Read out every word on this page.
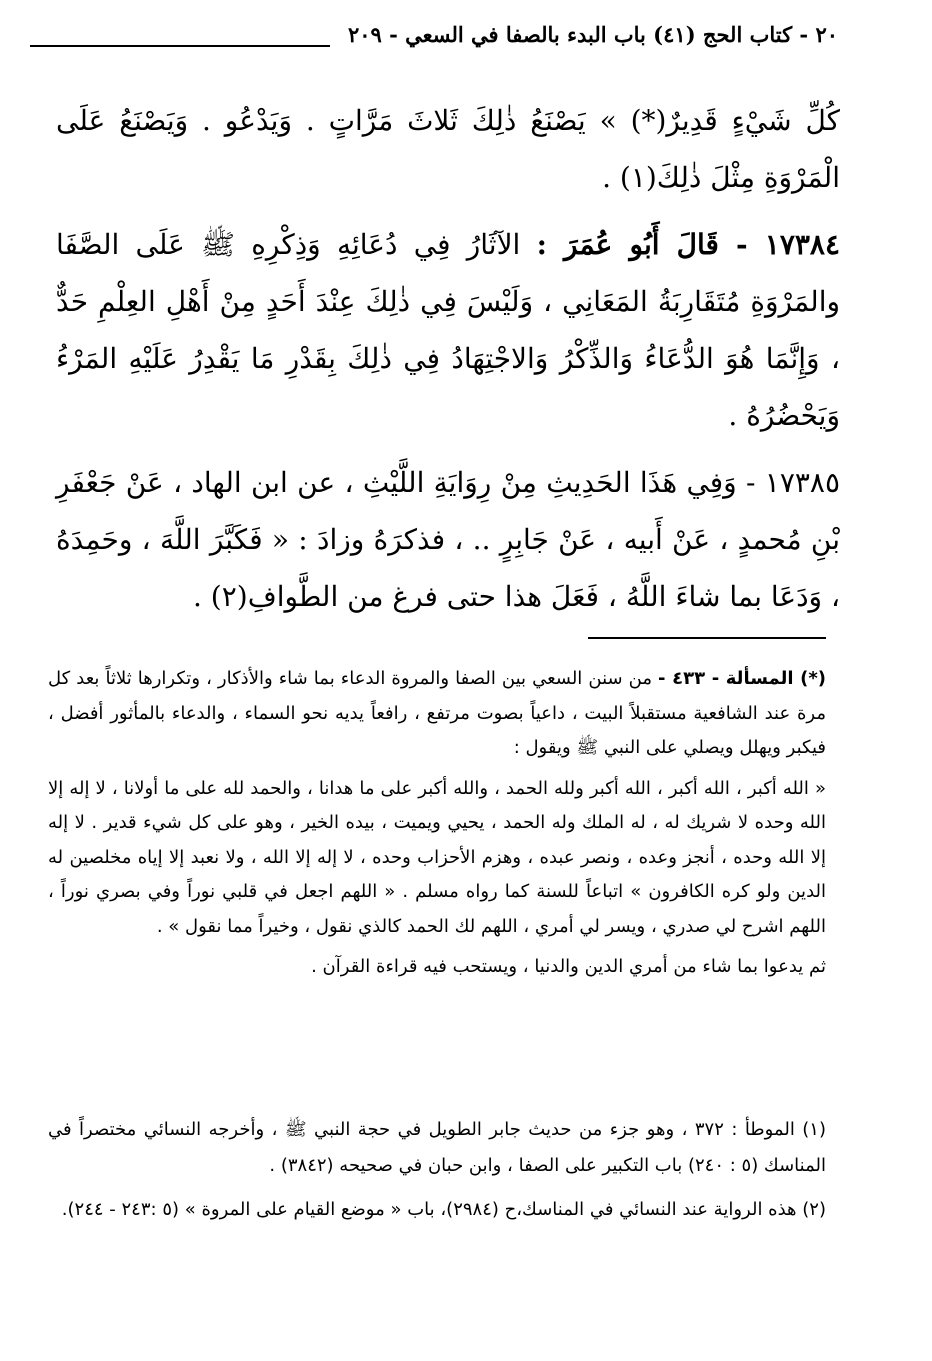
٢٠ - كتاب الحج (٤١) باب البدء بالصفا في السعي - ٢٠٩

كُلِّ شَيْءٍ قَدِيرٌ(*) » يَصْنَعُ ذٰلِكَ ثَلاثَ مَرَّاتٍ . وَيَدْعُو . وَيَصْنَعُ عَلَى الْمَرْوَةِ مِثْلَ ذٰلِكَ(١) .

١٧٣٨٤ - قَالَ أَبُو عُمَرَ : الآثَارُ فِي دُعَائِهِ وَذِكْرِهِ ﷺ عَلَى الصَّفَا والمَرْوَةِ مُتَقَارِبَةُ المَعَانِي ، وَلَيْسَ فِي ذٰلِكَ عِنْدَ أَحَدٍ مِنْ أَهْلِ العِلْمِ حَدٌّ ، وَإِنَّمَا هُوَ الدُّعَاءُ وَالذِّكْرُ وَالاجْتِهَادُ فِي ذٰلِكَ بِقَدْرِ مَا يَقْدِرُ عَلَيْهِ المَرْءُ وَيَحْضُرُهُ .

١٧٣٨٥ - وَفِي هَذَا الحَدِيثِ مِنْ رِوَايَةِ اللَّيْثِ ، عن ابن الهاد ، عَنْ جَعْفَرِ بْنِ مُحمدٍ ، عَنْ أَبيه ، عَنْ جَابِرٍ .. ، فذكرَهُ وزادَ : « فَكَبَّرَ اللَّهَ ، وحَمِدَهُ ، وَدَعَا بما شاءَ اللَّهُ ، فَعَلَ هذا حتى فرغ من الطَّوافِ(٢) .

(*) المسألة - ٤٣٣ - من سنن السعي بين الصفا والمروة الدعاء بما شاء والأذكار ، وتكرارها ثلاثاً بعد كل مرة عند الشافعية مستقبلاً البيت ، داعياً بصوت مرتفع ، رافعاً يديه نحو السماء ، والدعاء بالمأثور أفضل ، فيكبر ويهلل ويصلي على النبي ﷺ ويقول :

« الله أكبر ، الله أكبر ، الله أكبر ولله الحمد ، والله أكبر على ما هدانا ، والحمد لله على ما أولانا ، لا إله إلا الله وحده لا شريك له ، له الملك وله الحمد ، يحيي ويميت ، بيده الخير ، وهو على كل شيء قدير . لا إله إلا الله وحده ، أنجز وعده ، ونصر عبده ، وهزم الأحزاب وحده ، لا إله إلا الله ، ولا نعبد إلا إياه مخلصين له الدين ولو كره الكافرون » اتباعاً للسنة كما رواه مسلم . « اللهم اجعل في قلبي نوراً وفي بصري نوراً ، اللهم اشرح لي صدري ، ويسر لي أمري ، اللهم لك الحمد كالذي نقول ، وخيراً مما نقول » .

ثم يدعوا بما شاء من أمري الدين والدنيا ، ويستحب فيه قراءة القرآن .

(١) الموطأ : ٣٧٢ ، وهو جزء من حديث جابر الطويل في حجة النبي ﷺ ، وأخرجه النسائي مختصراً في المناسك (٥ : ٢٤٠) باب التكبير على الصفا ، وابن حبان في صحيحه (٣٨٤٢) .

(٢) هذه الرواية عند النسائي في المناسك،ح (٢٩٨٤)، باب « موضع القيام على المروة » (٥ :٢٤٣ - ٢٤٤).
